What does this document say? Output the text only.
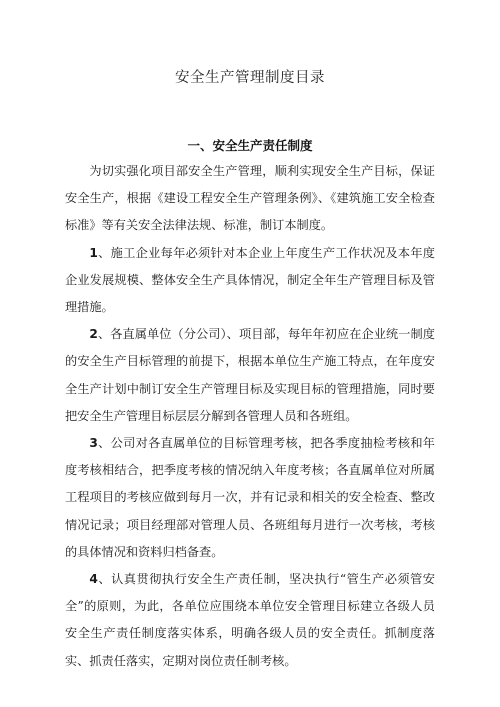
安全生产管理制度目录
一、安全生产责任制度

为切实强化项目部安全生产管理，顺利实现安全生产目标，保证安全生产，根据《建设工程安全生产管理条例》、《建筑施工安全检查标准》等有关安全法律法规、标准，制订本制度。

1、施工企业每年必须针对本企业上年度生产工作状况及本年度企业发展规模、整体安全生产具体情况，制定全年生产管理目标及管理措施。

2、各直属单位（分公司）、项目部，每年年初应在企业统一制度的安全生产目标管理的前提下，根据本单位生产施工特点，在年度安全生产计划中制订安全生产管理目标及实现目标的管理措施，同时要把安全生产管理目标层层分解到各管理人员和各班组。

3、公司对各直属单位的目标管理考核，把各季度抽检考核和年度考核相结合，把季度考核的情况纳入年度考核；各直属单位对所属工程项目的考核应做到每月一次，并有记录和相关的安全检查、整改情况记录；项目经理部对管理人员、各班组每月进行一次考核，考核的具体情况和资料归档备查。

4、认真贯彻执行安全生产责任制，坚决执行“管生产必须管安全”的原则，为此，各单位应围绕本单位安全管理目标建立各级人员安全生产责任制度落实体系，明确各级人员的安全责任。抓制度落实、抓责任落实，定期对岗位责任制考核。
